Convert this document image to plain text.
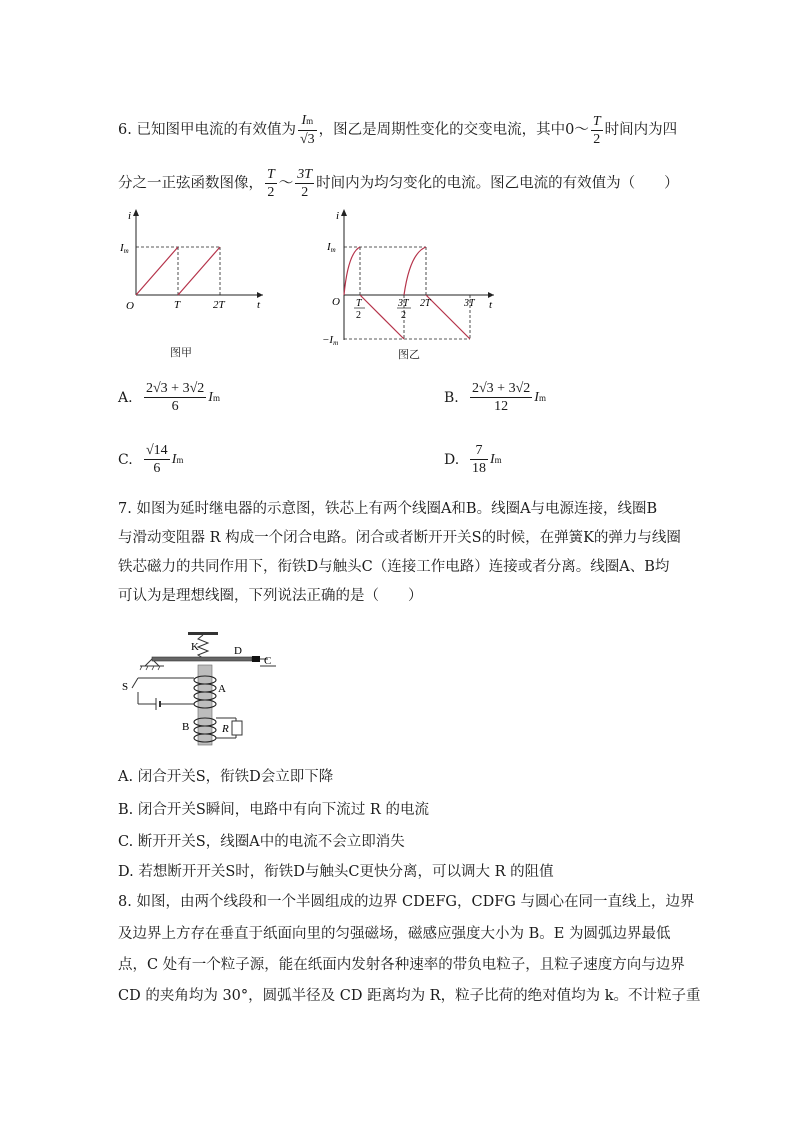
6. 已知图甲电流的有效值为 $\frac{Im}{√3}$ ，图乙是周期性变化的交变电流，其中0～ $\frac{T}{2}$ 时间内为四
分之一正弦函数图像， $\frac{T}{2}$ ～ $\frac{3T}{2}$ 时间内为均匀变化的电流。图乙电流的有效值为（　　）
i
t
O
Im
T	2T
图甲
i
t
O
Im
−Im
T
2
3T
2
2T	3T
图乙
A. $\frac{2√3 + 3√2}{6}$ Im	B. $\frac{2√3 + 3√2}{12}$ Im
C. $\frac{√14}{6}$ Im	D. $\frac{7}{18}$ Im
7. 如图为延时继电器的示意图，铁芯上有两个线圈A和B。线圈A与电源连接，线圈B
与滑动变阻器 R 构成一个闭合电路。闭合或者断开开关S的时候，在弹簧K的弹力与线圈
铁芯磁力的共同作用下，衔铁D与触头C（连接工作电路）连接或者分离。线圈A、B均
可认为是理想线圈，下列说法正确的是（　　）
K	D
C
A
S
B	R
A. 闭合开关S，衔铁D会立即下降
B. 闭合开关S瞬间，电路中有向下流过 R 的电流
C. 断开开关S，线圈A中的电流不会立即消失
D. 若想断开开关S时，衔铁D与触头C更快分离，可以调大 R 的阻值
8. 如图，由两个线段和一个半圆组成的边界 CDEFG，CDFG 与圆心在同一直线上，边界
及边界上方存在垂直于纸面向里的匀强磁场，磁感应强度大小为 B。E 为圆弧边界最低
点，C 处有一个粒子源，能在纸面内发射各种速率的带负电粒子，且粒子速度方向与边界
CD 的夹角均为 30°，圆弧半径及 CD 距离均为 R，粒子比荷的绝对值均为 k。不计粒子重
